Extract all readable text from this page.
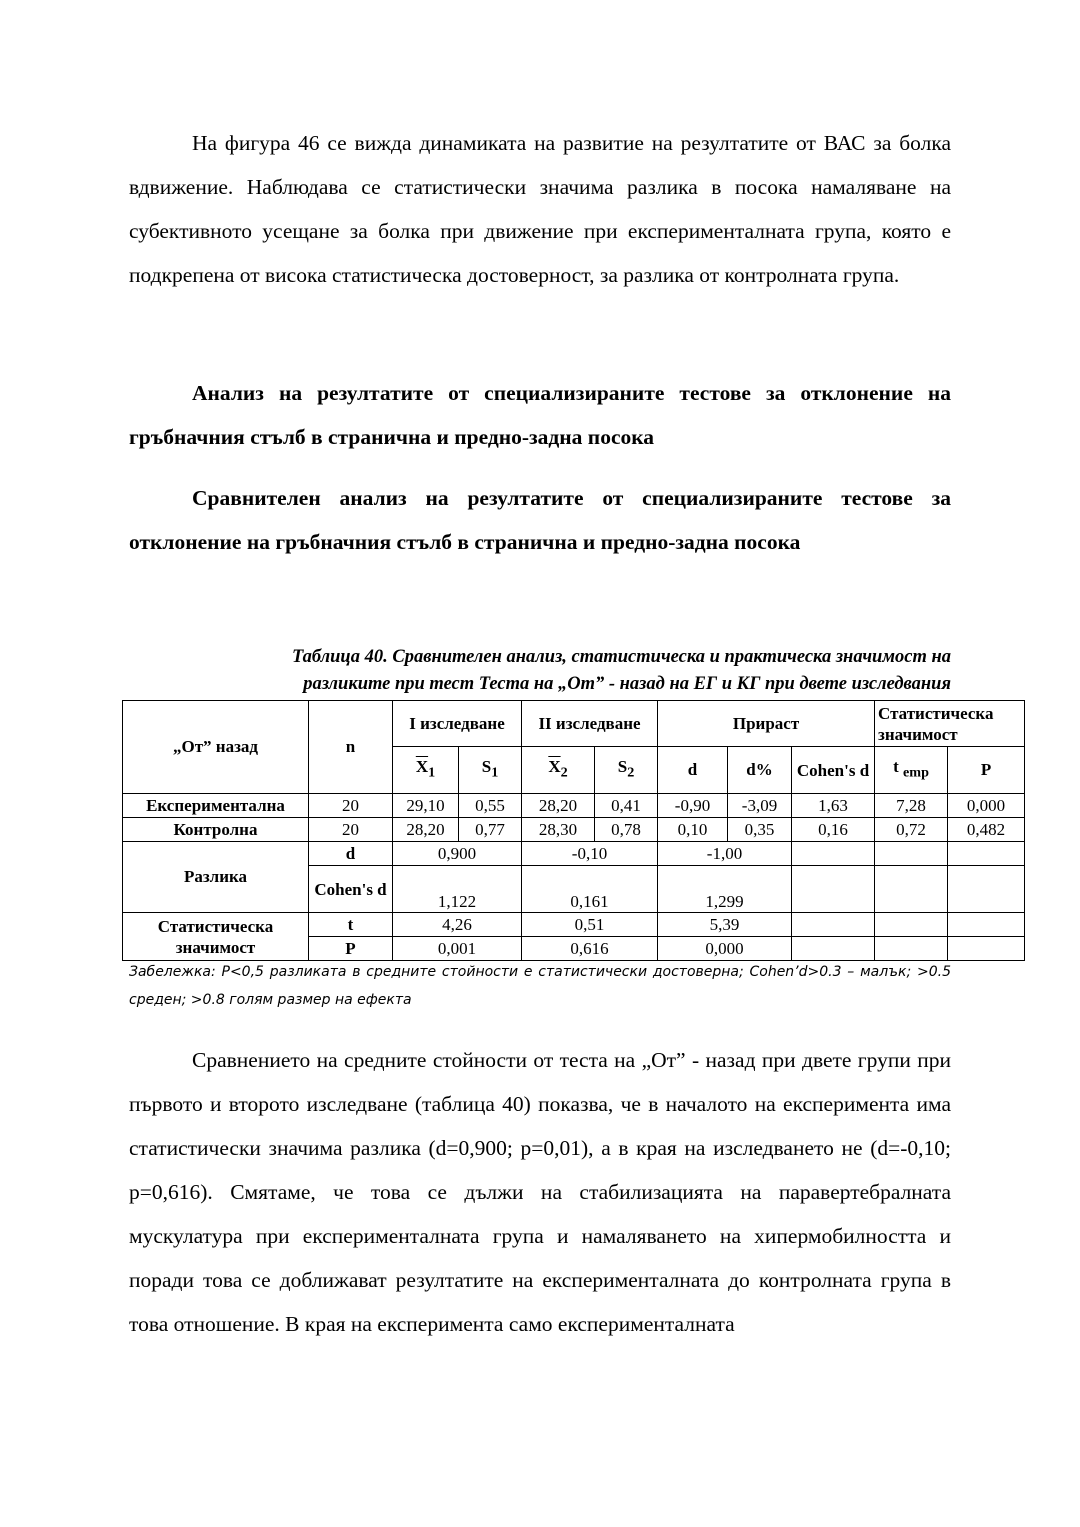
На фигура 46 се вижда динамиката на развитие на резултатите от ВАС за болка вдвижение. Наблюдава се статистически значима разлика в посока намаляване на субективното усещане за болка при движение при експерименталната група, която е подкрепена от висока статистическа достоверност, за разлика от контролната група.

Анализ на резултатите от специализираните тестове за отклонение на гръбначния стълб в странична и предно-задна посока

Сравнителен анализ на резултатите от специализираните тестове за отклонение на гръбначния стълб в странична и предно-задна посока

Таблица 40. Сравнителен анализ, статистическа и практическа значимост на
разликите при тест Теста на „От” - назад на ЕГ и КГ при двете изследвания
„От” назад	n	I изследване		II изследване		Прираст			Статистическа значимост	
		$\overline{X}_1$	$S_1$	$\overline{X}_2$	$S_2$	d	d%	Cohen's d	t $_{emp}$	P
Експериментална	20	29,10	0,55	28,20	0,41	-0,90	-3,09	1,63	7,28	0,000
Контролна	20	28,20	0,77	28,30	0,78	0,10	0,35	0,16	0,72	0,482
Разлика	d	0,900		-0,10		-1,00				
	Cohen's d	1,122		0,161		1,299				
Статистическа значимост	t	4,26		0,51		5,39				
	P	0,001		0,616		0,000				

Забележка: P<0,5 разликата в средните стойности е статистически достоверна; Cohen’d>0.3 – малък; >0.5 среден; >0.8 голям размер на ефекта

Сравнението на средните стойности от теста на „От” - назад при двете групи при първото и второто изследване (таблица 40) показва, че в началото на експеримента има статистически значима разлика (d=0,900; p=0,01), а в края на изследването не (d=-0,10; p=0,616). Смятаме, че това се дължи на стабилизацията на паравертебралната мускулатура при експерименталната група и намаляването на хипермобилността и поради това се доближават резултатите на експерименталната до контролната група в това отношение. В края на експеримента само експерименталната
